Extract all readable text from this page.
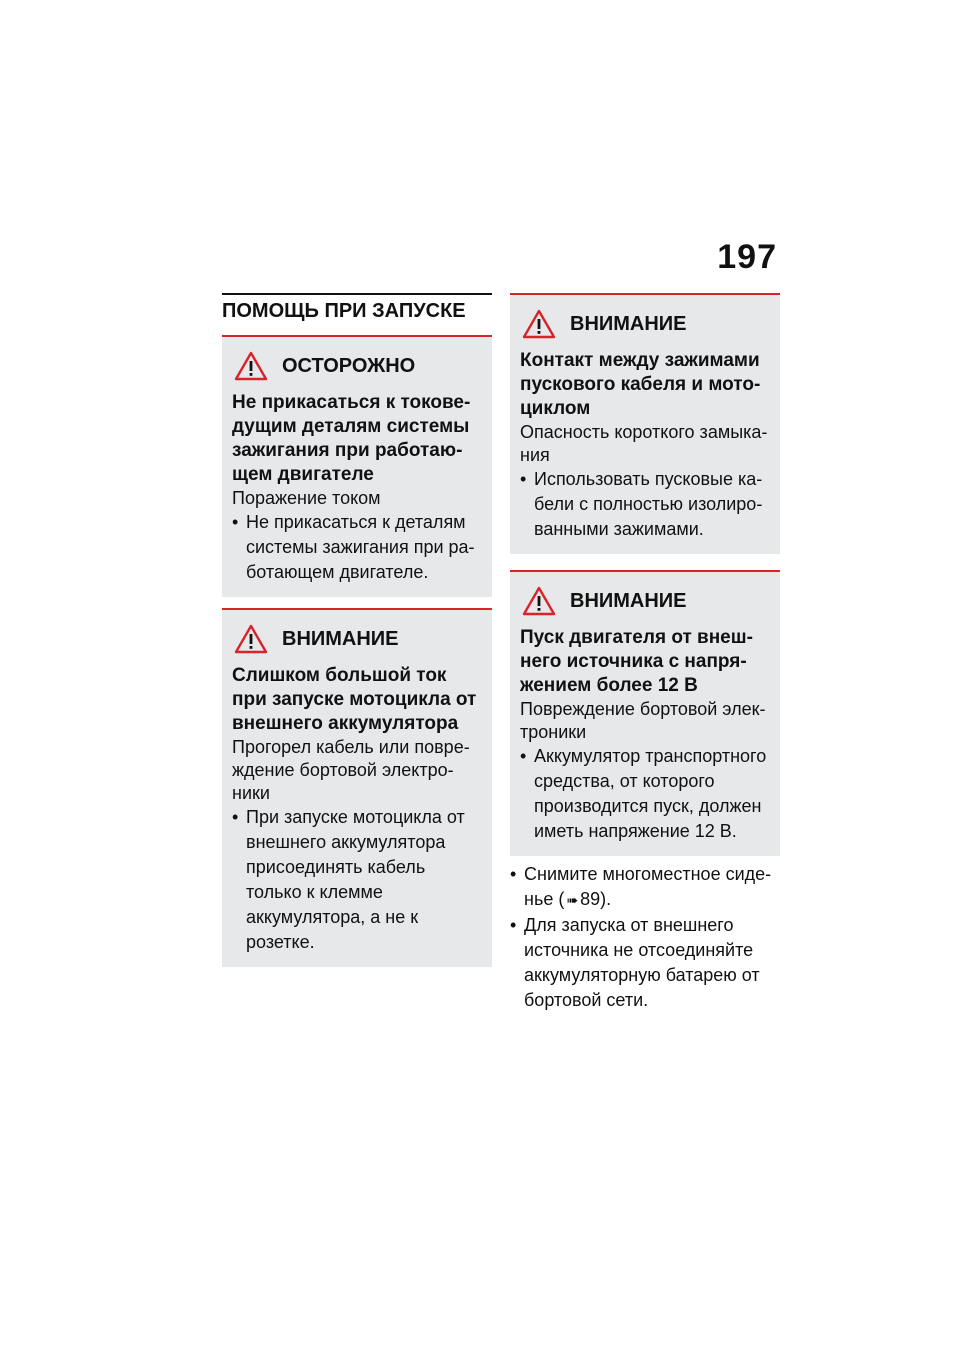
197
ПОМОЩЬ ПРИ ЗАПУСКЕ
ОСТОРОЖНО
Не прикасаться к токоведущим деталям системы зажигания при работающем двигателе
Поражение током
• Не прикасаться к деталям системы зажигания при работающем двигателе.
ВНИМАНИЕ
Слишком большой ток при запуске мотоцикла от внешнего аккумулятора
Прогорел кабель или повреждение бортовой электроники
• При запуске мотоцикла от внешнего аккумулятора присоединять кабель только к клемме аккумулятора, а не к розетке.
ВНИМАНИЕ
Контакт между зажимами пускового кабеля и мотоциклом
Опасность короткого замыкания
• Использовать пусковые кабели с полностью изолированными зажимами.
ВНИМАНИЕ
Пуск двигателя от внешнего источника с напряжением более 12 В
Повреждение бортовой электроники
• Аккумулятор транспортного средства, от которого производится пуск, должен иметь напряжение 12 В.
• Снимите многоместное сиденье ( ➠ 89).
• Для запуска от внешнего источника не отсоединяйте аккумуляторную батарею от бортовой сети.
